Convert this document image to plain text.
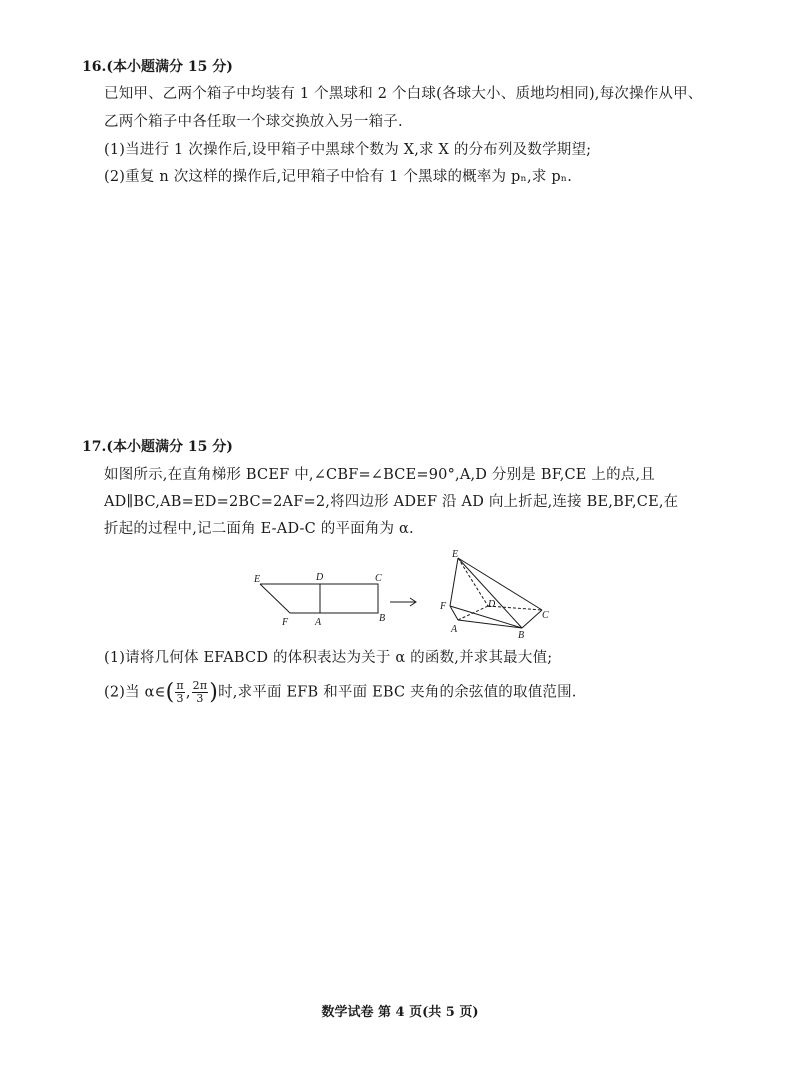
16.(本小题满分 15 分)
已知甲、乙两个箱子中均装有 1 个黑球和 2 个白球(各球大小、质地均相同),每次操作从甲、
乙两个箱子中各任取一个球交换放入另一箱子.
(1)当进行 1 次操作后,设甲箱子中黑球个数为 X,求 X 的分布列及数学期望;
(2)重复 n 次这样的操作后,记甲箱子中恰有 1 个黑球的概率为 pₙ,求 pₙ.
17.(本小题满分 15 分)
如图所示,在直角梯形 BCEF 中,∠CBF=∠BCE=90°,A,D 分别是 BF,CE 上的点,且
AD∥BC,AB=ED=2BC=2AF=2,将四边形 ADEF 沿 AD 向上折起,连接 BE,BF,CE,在
折起的过程中,记二面角 E-AD-C 的平面角为 α.
E	D	C
F	A	B
E
F	D
A
B
C
(1)请将几何体 EFABCD 的体积表达为关于 α 的函数,并求其最大值;
(2)当 α∈( $\frac{\pi}{3}$ , $\frac{2\pi}{3}$ )时,求平面 EFB 和平面 EBC 夹角的余弦值的取值范围.
数学试卷 第 4 页(共 5 页)
